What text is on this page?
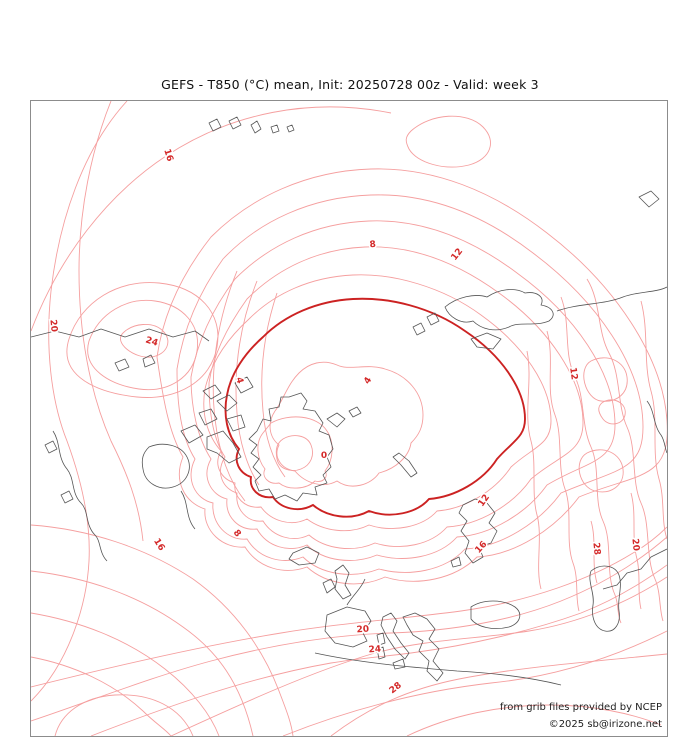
GEFS - T850 (°C) mean, Init: 20250728 00z - Valid: week 3
16
8
12
20
24
4
4
0
12
12
16
16
8
20
24
28
28	20
from grib files provided by NCEP
©2025 sb@irizone.net
